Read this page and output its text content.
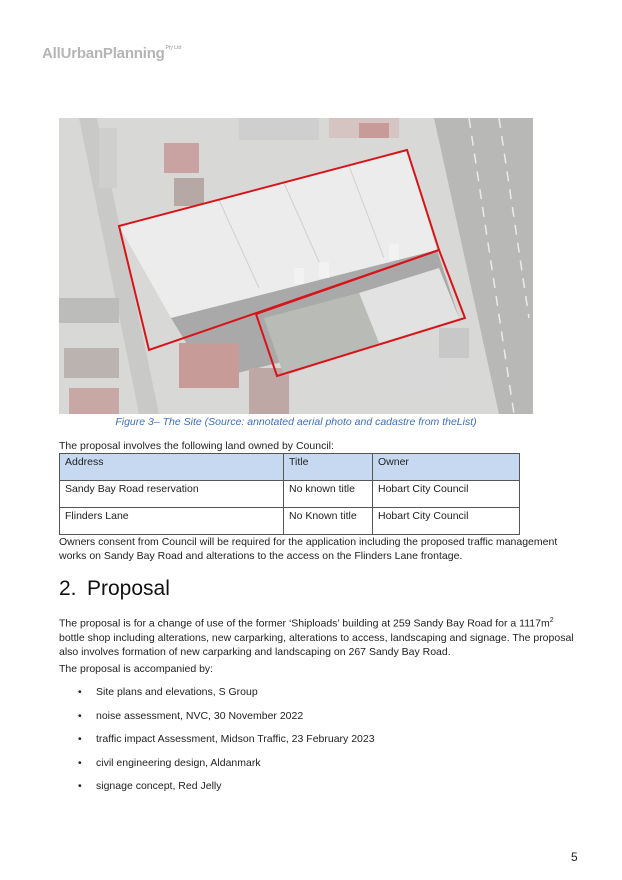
AllUrbanPlanning$^{Pty Ltd}$
Figure 3– The Site (Source: annotated aerial photo and cadastre from theList)
The proposal involves the following land owned by Council:
Address	Title	Owner
Sandy Bay Road reservation	No known title	Hobart City Council
Flinders Lane	No Known title	Hobart City Council
Owners consent from Council will be required for the application including the proposed traffic management works on Sandy Bay Road and alterations to the access on the Flinders Lane frontage.
2. Proposal
The proposal is for a change of use of the former ‘Shiploads’ building at 259 Sandy Bay Road for a $1117m^2$ bottle shop including alterations, new carparking, alterations to access, landscaping and signage. The proposal also involves formation of new carparking and landscaping on 267 Sandy Bay Road.
The proposal is accompanied by:
• Site plans and elevations, S Group
• noise assessment, NVC, 30 November 2022
• traffic impact Assessment, Midson Traffic, 23 February 2023
• civil engineering design, Aldanmark
• signage concept, Red Jelly
5
